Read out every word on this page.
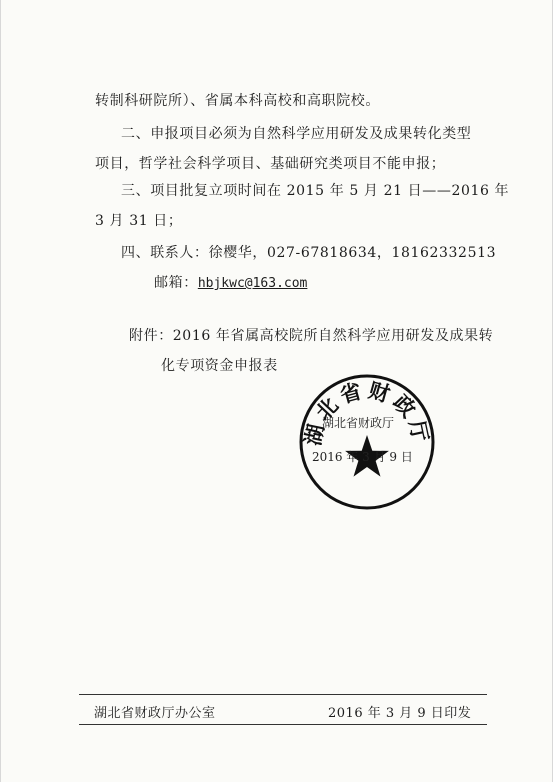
转制科研院所）、省属本科高校和高职院校。
二、申报项目必须为自然科学应用研发及成果转化类型
项目，哲学社会科学项目、基础研究类项目不能申报；
三、项目批复立项时间在 2015 年 5 月 21 日——2016 年
3 月 31 日；
四、联系人：徐樱华，027-67818634，18162332513
邮箱：hbjkwc@163.com
附件：2016 年省属高校院所自然科学应用研发及成果转
化专项资金申报表
湖北省财政厅
湖北省财政厅
2016 年 3 月 9 日
湖北省财政厅办公室	2016 年 3 月 9 日印发
